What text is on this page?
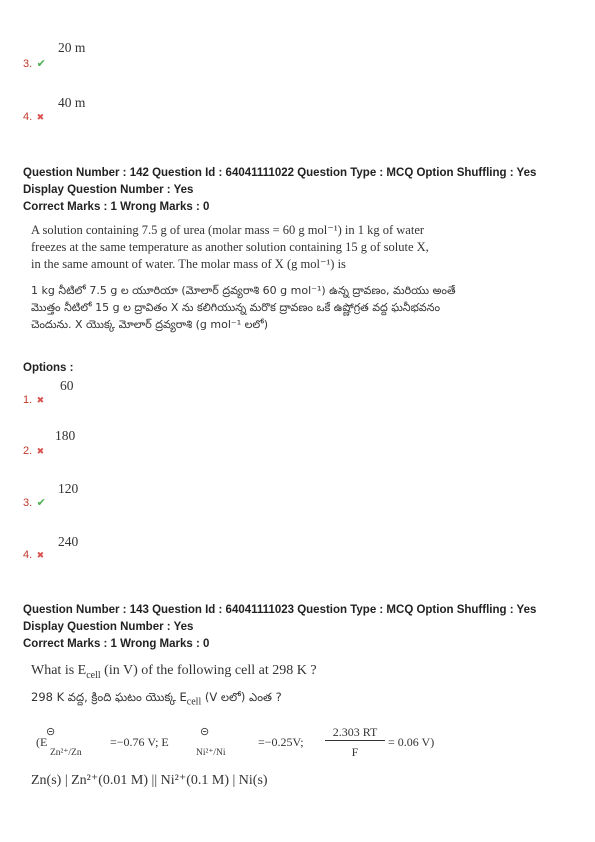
20 m
3. ✔
40 m
4. ✖
Question Number : 142 Question Id : 64041111022 Question Type : MCQ Option Shuffling : Yes
Display Question Number : Yes
Correct Marks : 1 Wrong Marks : 0
A solution containing 7.5 g of urea (molar mass = 60 g mol⁻¹) in 1 kg of water
freezes at the same temperature as another solution containing 15 g of solute X,
in the same amount of water. The molar mass of X (g mol⁻¹) is
1 kg నీటిలో 7.5 g ల యూరియా (మోలార్ ద్రవ్యరాశి 60 g mol⁻¹) ఉన్న ద్రావణం, మరియు అంతే
మొత్తం నీటిలో 15 g ల ద్రావితం X ను కలిగియున్న మరొక ద్రావణం ఒకే ఉష్ణోగ్రత వద్ద ఘనీభవనం
చెందును. X యొక్క మోలార్ ద్రవ్యరాశి (g mol⁻¹ లలో)
Options :
60
1. ✖
180
2. ✖
120
3. ✔
240
4. ✖
Question Number : 143 Question Id : 64041111023 Question Type : MCQ Option Shuffling : Yes
Display Question Number : Yes
Correct Marks : 1 Wrong Marks : 0
What is $E_{cell}$ (in V) of the following cell at 298 K ?
298 K వద్ద, క్రింది ఘటం యొక్క $E_{cell}$ (V లలో) ఎంత ?
(E
⊝
Zn²⁺/Zn
=−0.76 V; E
⊝
Ni²⁺/Ni
=−0.25V;
2.303 RT
F
= 0.06 V)
Zn(s) | Zn²⁺(0.01 M) || Ni²⁺(0.1 M) | Ni(s)
